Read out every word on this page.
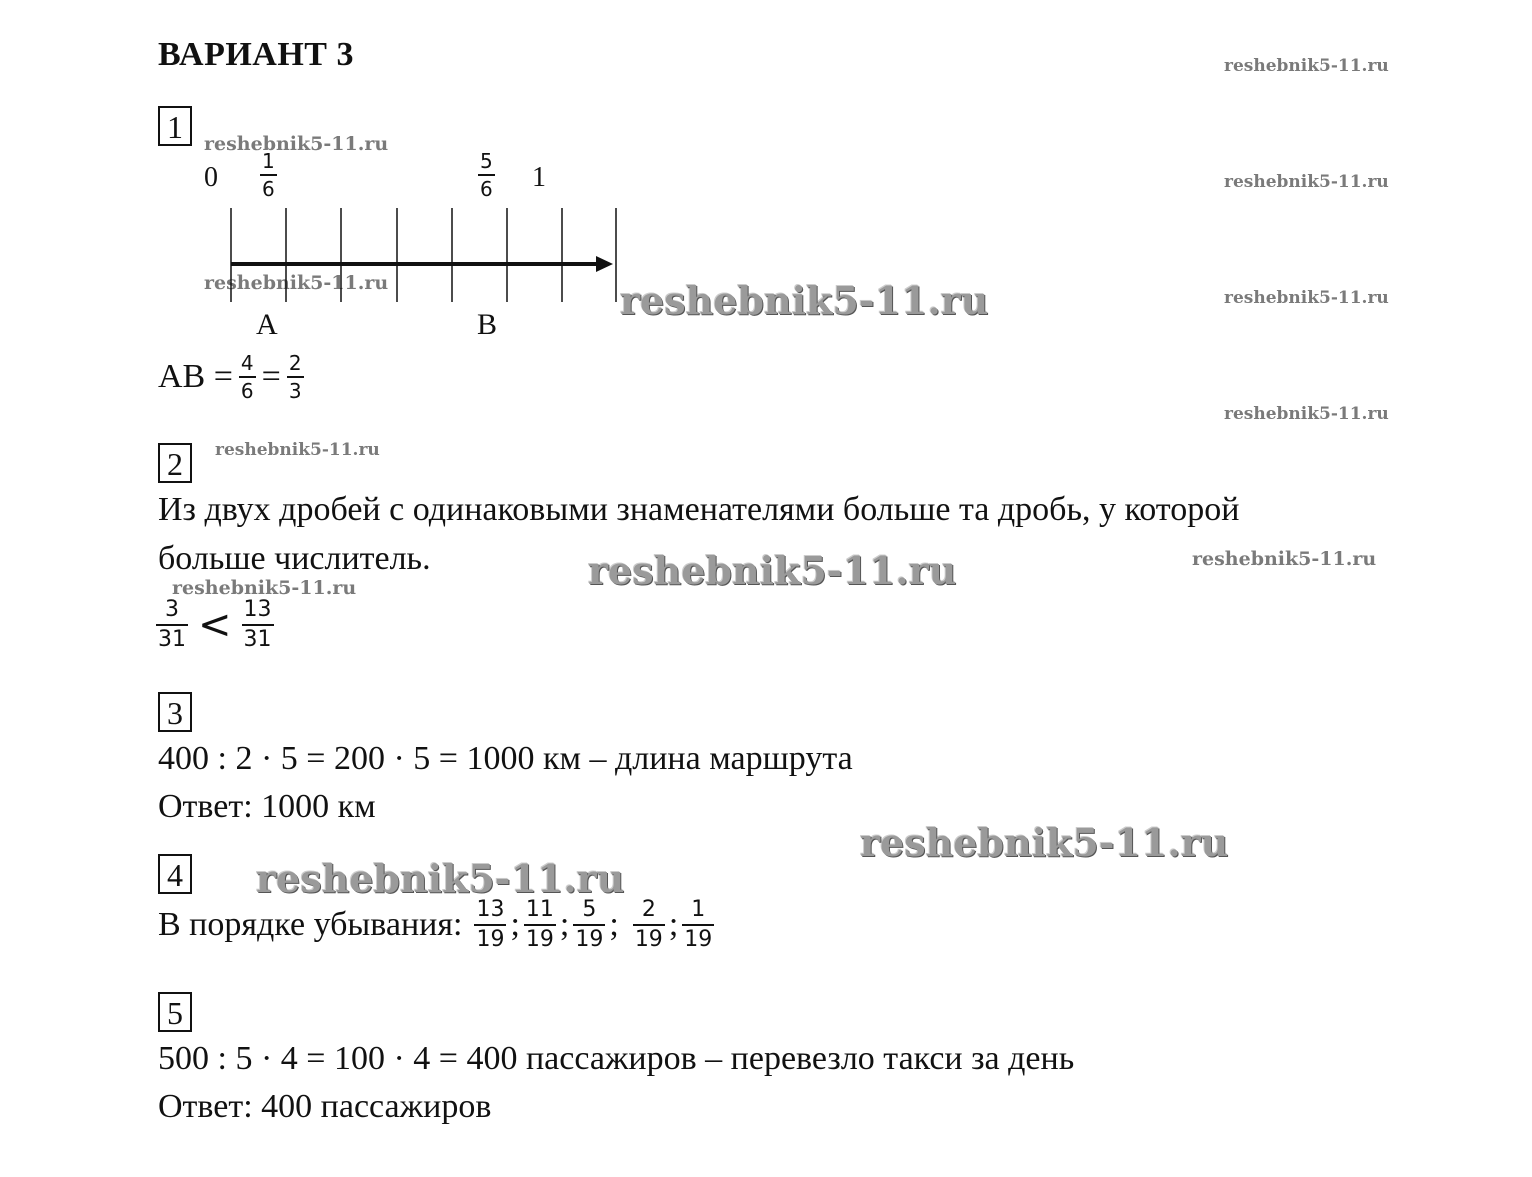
ВАРИАНТ 3	reshebnik5-11.ru
reshebnik5-11.ru
reshebnik5-11.ru
reshebnik5-11.ru
reshebnik5-11.ru
reshebnik5-11.ru
reshebnik5-11.ru
reshebnik5-11.ru
reshebnik5-11.ru
reshebnik5-11.ru
reshebnik5-11.ru
reshebnik5-11.ru
reshebnik5-11.ru
1
$0 \frac{1}{6}$	$\frac{5}{6} 1$
A	B
AB = $\frac{4}{6} = \frac{2}{3}$
2
Из двух дробей с одинаковыми знаменателями больше та дробь, у которой
больше числитель.
$\frac{3}{31} < \frac{13}{31}$
3
400 : 2 · 5 = 200 · 5 = 1000 км – длина маршрута
Ответ: 1000 км
4
В порядке убывания: $\frac{13}{19}$ ; $\frac{11}{19}$ ; $\frac{5}{19}$ ; $\frac{2}{19}$ ; $\frac{1}{19}$
5
500 : 5 · 4 = 100 · 4 = 400 пассажиров – перевезло такси за день
Ответ: 400 пассажиров
